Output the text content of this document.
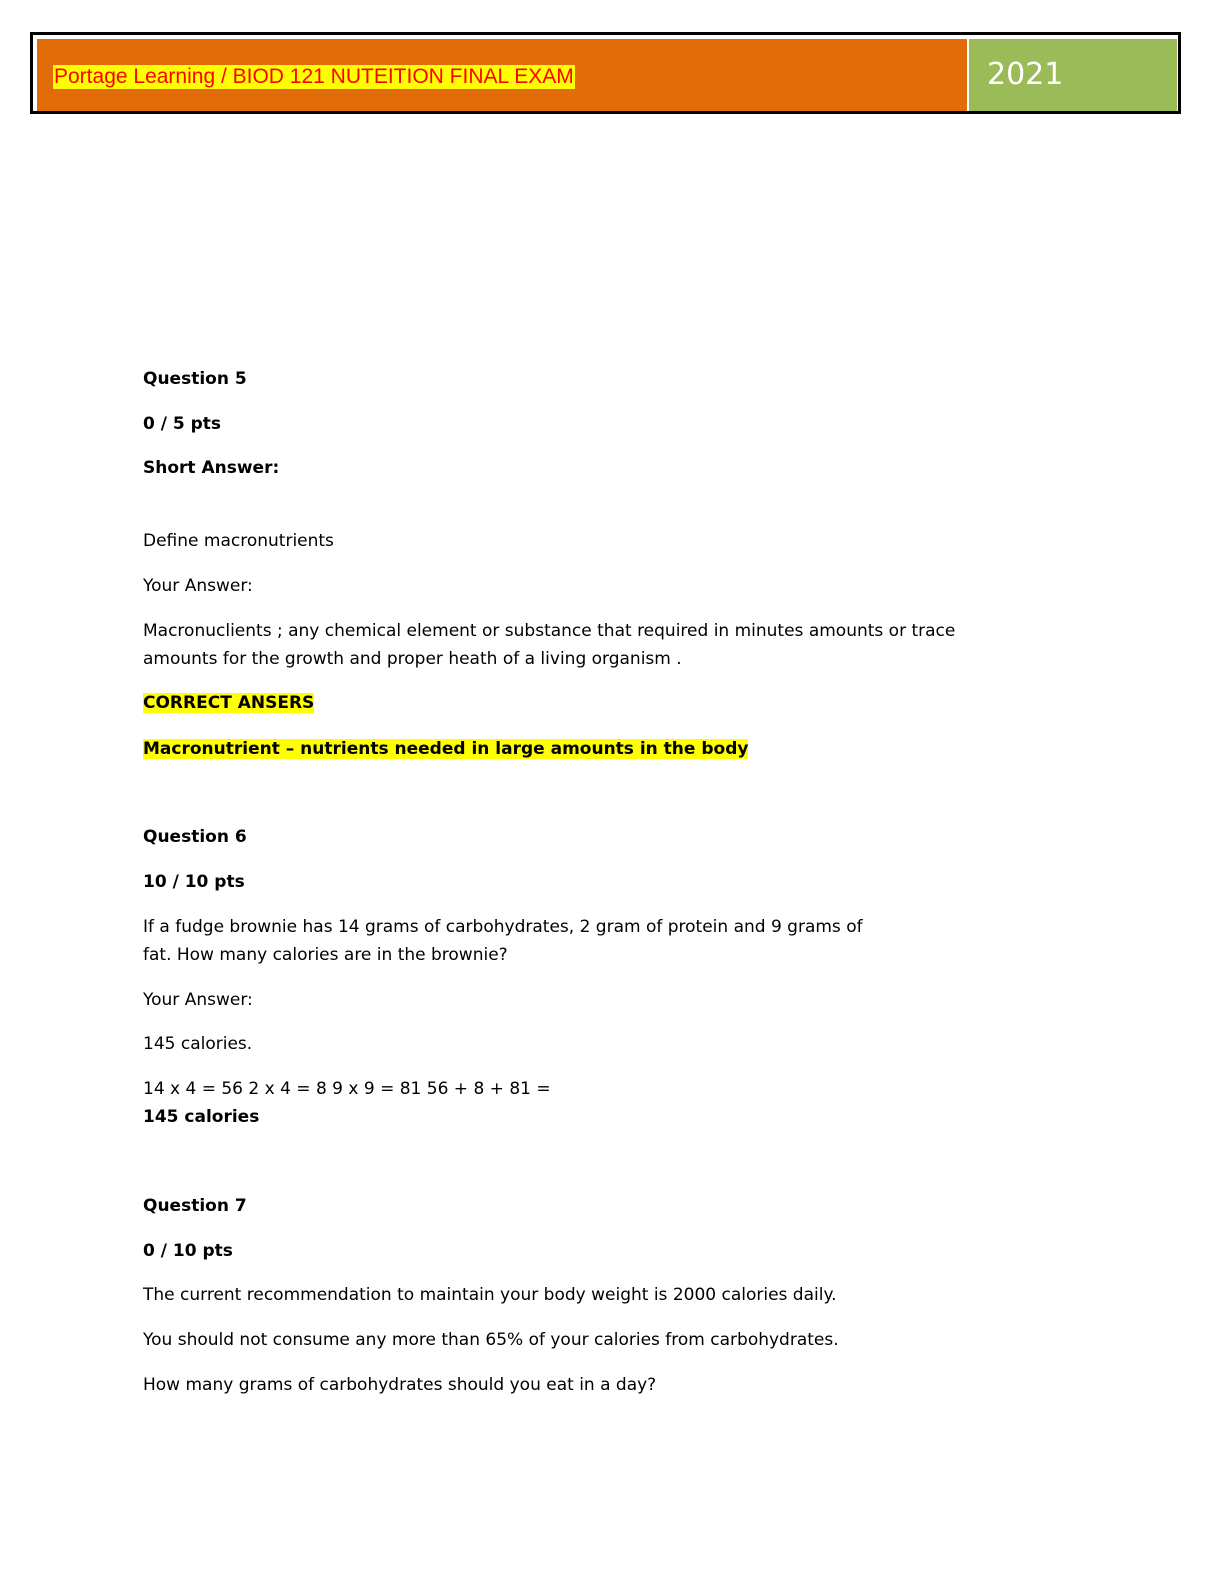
Portage Learning / BIOD 121 NUTEITION FINAL EXAM	2021
Question 5
0 / 5 pts
Short Answer:
Define macronutrients
Your Answer:
Macronuclients ; any chemical element or substance that required in minutes amounts or trace
amounts for the growth and proper heath of a living organism .
CORRECT ANSERS
Macronutrient – nutrients needed in large amounts in the body
Question 6
10 / 10 pts
If a fudge brownie has 14 grams of carbohydrates, 2 gram of protein and 9 grams of
fat. How many calories are in the brownie?
Your Answer:
145 calories.
14 x 4 = 56 2 x 4 = 8 9 x 9 = 81 56 + 8 + 81 =
145 calories
Question 7
0 / 10 pts
The current recommendation to maintain your body weight is 2000 calories daily.
You should not consume any more than 65% of your calories from carbohydrates.
How many grams of carbohydrates should you eat in a day?
